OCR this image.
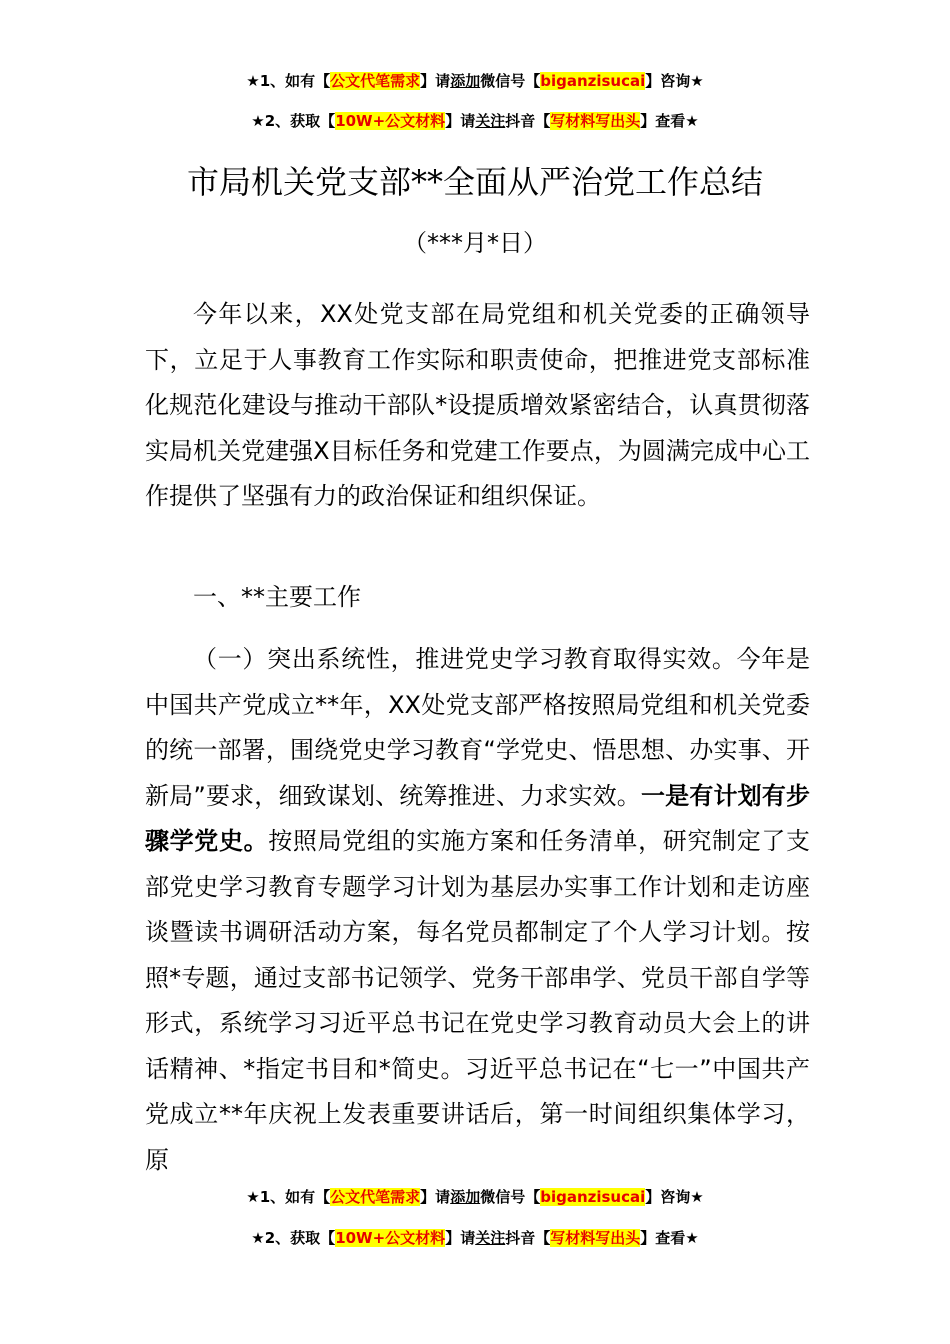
★1、如有【公文代笔需求】请添加微信号【biganzisucai】咨询★
★2、获取【10W+公文材料】请关注抖音【写材料写出头】查看★
市局机关党支部**全面从严治党工作总结
（***月*日）

今年以来，XX处党支部在局党组和机关党委的正确领导下，立足于人事教育工作实际和职责使命，把推进党支部标准化规范化建设与推动干部队*设提质增效紧密结合，认真贯彻落实局机关党建强X目标任务和党建工作要点，为圆满完成中心工作提供了坚强有力的政治保证和组织保证。

一、**主要工作

（一）突出系统性，推进党史学习教育取得实效。今年是中国共产党成立**年，XX处党支部严格按照局党组和机关党委的统一部署，围绕党史学习教育“学党史、悟思想、办实事、开新局”要求，细致谋划、统筹推进、力求实效。一是有计划有步骤学党史。按照局党组的实施方案和任务清单，研究制定了支部党史学习教育专题学习计划为基层办实事工作计划和走访座谈暨读书调研活动方案，每名党员都制定了个人学习计划。按照*专题，通过支部书记领学、党务干部串学、党员干部自学等形式，系统学习习近平总书记在党史学习教育动员大会上的讲话精神、*指定书目和*简史。习近平总书记在“七一”中国共产党成立**年庆祝上发表重要讲话后，第一时间组织集体学习，原

★1、如有【公文代笔需求】请添加微信号【biganzisucai】咨询★
★2、获取【10W+公文材料】请关注抖音【写材料写出头】查看★
